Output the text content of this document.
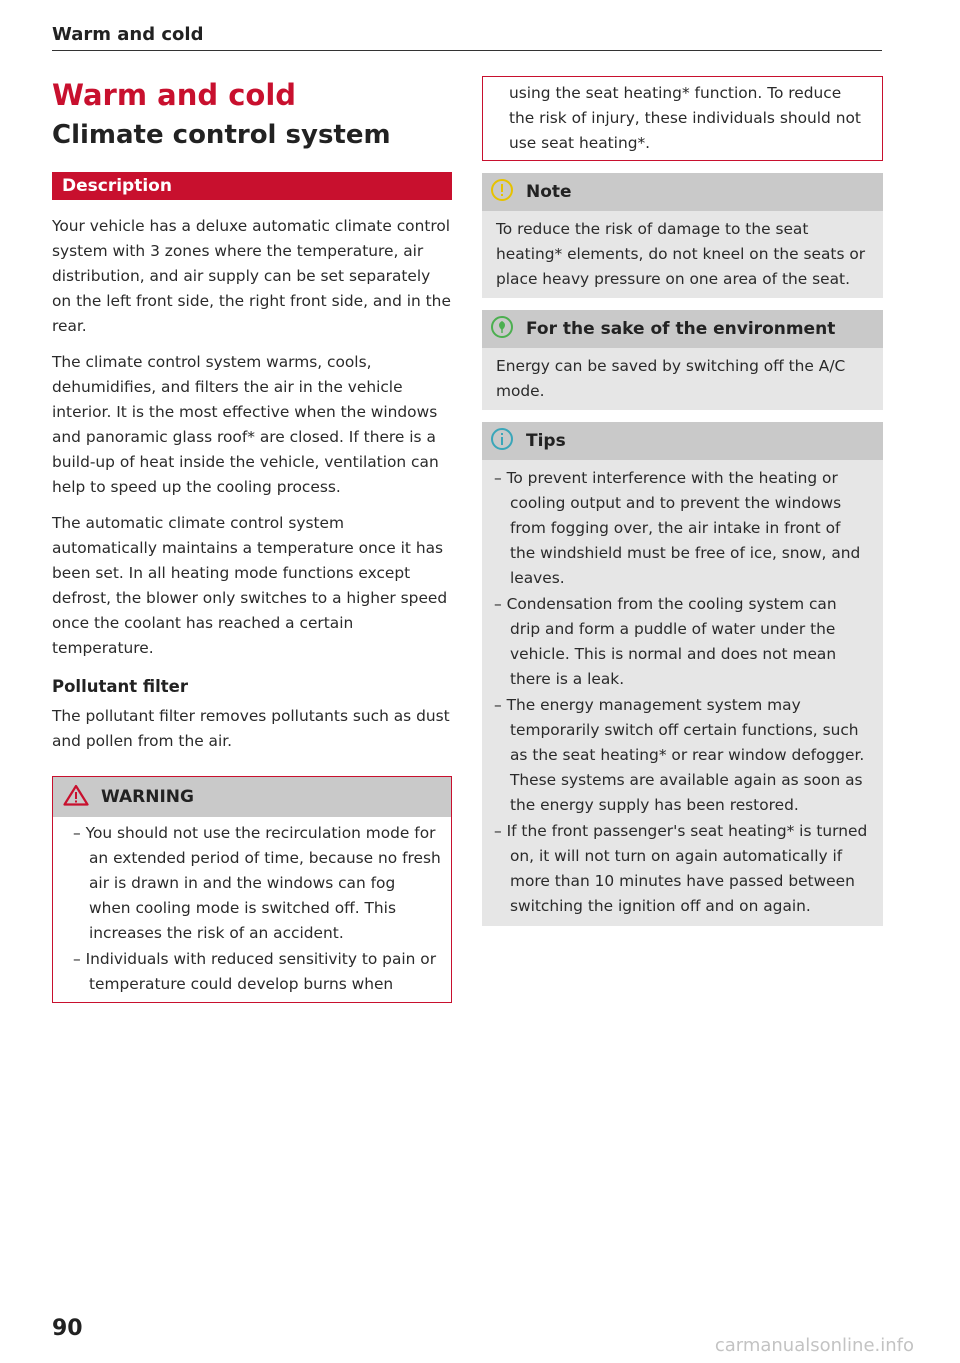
Warm and cold
Warm and cold
Climate control system
Description

Your vehicle has a deluxe automatic climate control system with 3 zones where the temperature, air distribution, and air supply can be set separately on the left front side, the right front side, and in the rear.

The climate control system warms, cools, dehumidifies, and filters the air in the vehicle interior. It is the most effective when the windows and panoramic glass roof* are closed. If there is a build-up of heat inside the vehicle, ventilation can help to speed up the cooling process.

The automatic climate control system automatically maintains a temperature once it has been set. In all heating mode functions except defrost, the blower only switches to a higher speed once the coolant has reached a certain temperature.

Pollutant filter

The pollutant filter removes pollutants such as dust and pollen from the air.

WARNING
– You should not use the recirculation mode for an extended period of time, because no fresh air is drawn in and the windows can fog when cooling mode is switched off. This increases the risk of an accident.
– Individuals with reduced sensitivity to pain or temperature could develop burns when

using the seat heating* function. To reduce the risk of injury, these individuals should not use seat heating*.

Note

To reduce the risk of damage to the seat heating* elements, do not kneel on the seats or place heavy pressure on one area of the seat.

For the sake of the environment

Energy can be saved by switching off the A/C mode.

Tips
– To prevent interference with the heating or cooling output and to prevent the windows from fogging over, the air intake in front of the windshield must be free of ice, snow, and leaves.
– Condensation from the cooling system can drip and form a puddle of water under the vehicle. This is normal and does not mean there is a leak.
– The energy management system may temporarily switch off certain functions, such as the seat heating* or rear window defogger. These systems are available again as soon as the energy supply has been restored.
– If the front passenger's seat heating* is turned on, it will not turn on again automatically if more than 10 minutes have passed between switching the ignition off and on again.
90
carmanualsonline.info
